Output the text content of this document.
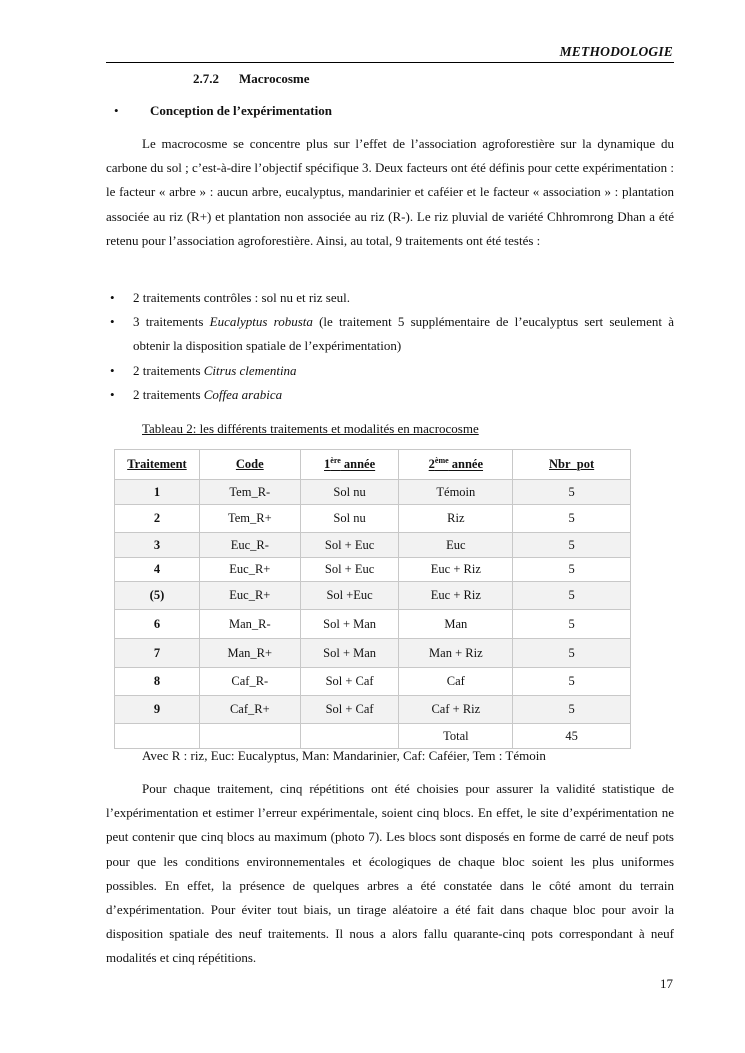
METHODOLOGIE
2.7.2 Macrocosme
• Conception de l’expérimentation
Le macrocosme se concentre plus sur l’effet de l’association agroforestière sur la dynamique du carbone du sol ; c’est-à-dire l’objectif spécifique 3. Deux facteurs ont été définis pour cette expérimentation : le facteur « arbre » : aucun arbre, eucalyptus, mandarinier et caféier et le facteur « association » : plantation associée au riz (R+) et plantation non associée au riz (R-). Le riz pluvial de variété Chhromrong Dhan a été retenu pour l’association agroforestière. Ainsi, au total, 9 traitements ont été testés :
• 2 traitements contrôles : sol nu et riz seul.
• 3 traitements Eucalyptus robusta (le traitement 5 supplémentaire de l’eucalyptus sert seulement à obtenir la disposition spatiale de l’expérimentation)
• 2 traitements Citrus clementina
• 2 traitements Coffea arabica
Tableau 2: les différents traitements et modalités en macrocosme
Traitement	Code	1ère année	2ème année	Nbr_pot
1	Tem_R-	Sol nu	Témoin	5
2	Tem_R+	Sol nu	Riz	5
3	Euc_R-	Sol + Euc	Euc	5
4	Euc_R+	Sol + Euc	Euc + Riz	5
(5)	Euc_R+	Sol +Euc	Euc + Riz	5
6	Man_R-	Sol + Man	Man	5
7	Man_R+	Sol + Man	Man + Riz	5
8	Caf_R-	Sol + Caf	Caf	5
9	Caf_R+	Sol + Caf	Caf + Riz	5
			Total	45
Avec R : riz, Euc: Eucalyptus, Man: Mandarinier, Caf: Caféier, Tem : Témoin
Pour chaque traitement, cinq répétitions ont été choisies pour assurer la validité statistique de l’expérimentation et estimer l’erreur expérimentale, soient cinq blocs. En effet, le site d’expérimentation ne peut contenir que cinq blocs au maximum (photo 7). Les blocs sont disposés en forme de carré de neuf pots pour que les conditions environnementales et écologiques de chaque bloc soient les plus uniformes possibles. En effet, la présence de quelques arbres a été constatée dans le côté amont du terrain d’expérimentation. Pour éviter tout biais, un tirage aléatoire a été fait dans chaque bloc pour avoir la disposition spatiale des neuf traitements. Il nous a alors fallu quarante-cinq pots correspondant à neuf modalités et cinq répétitions.
17
